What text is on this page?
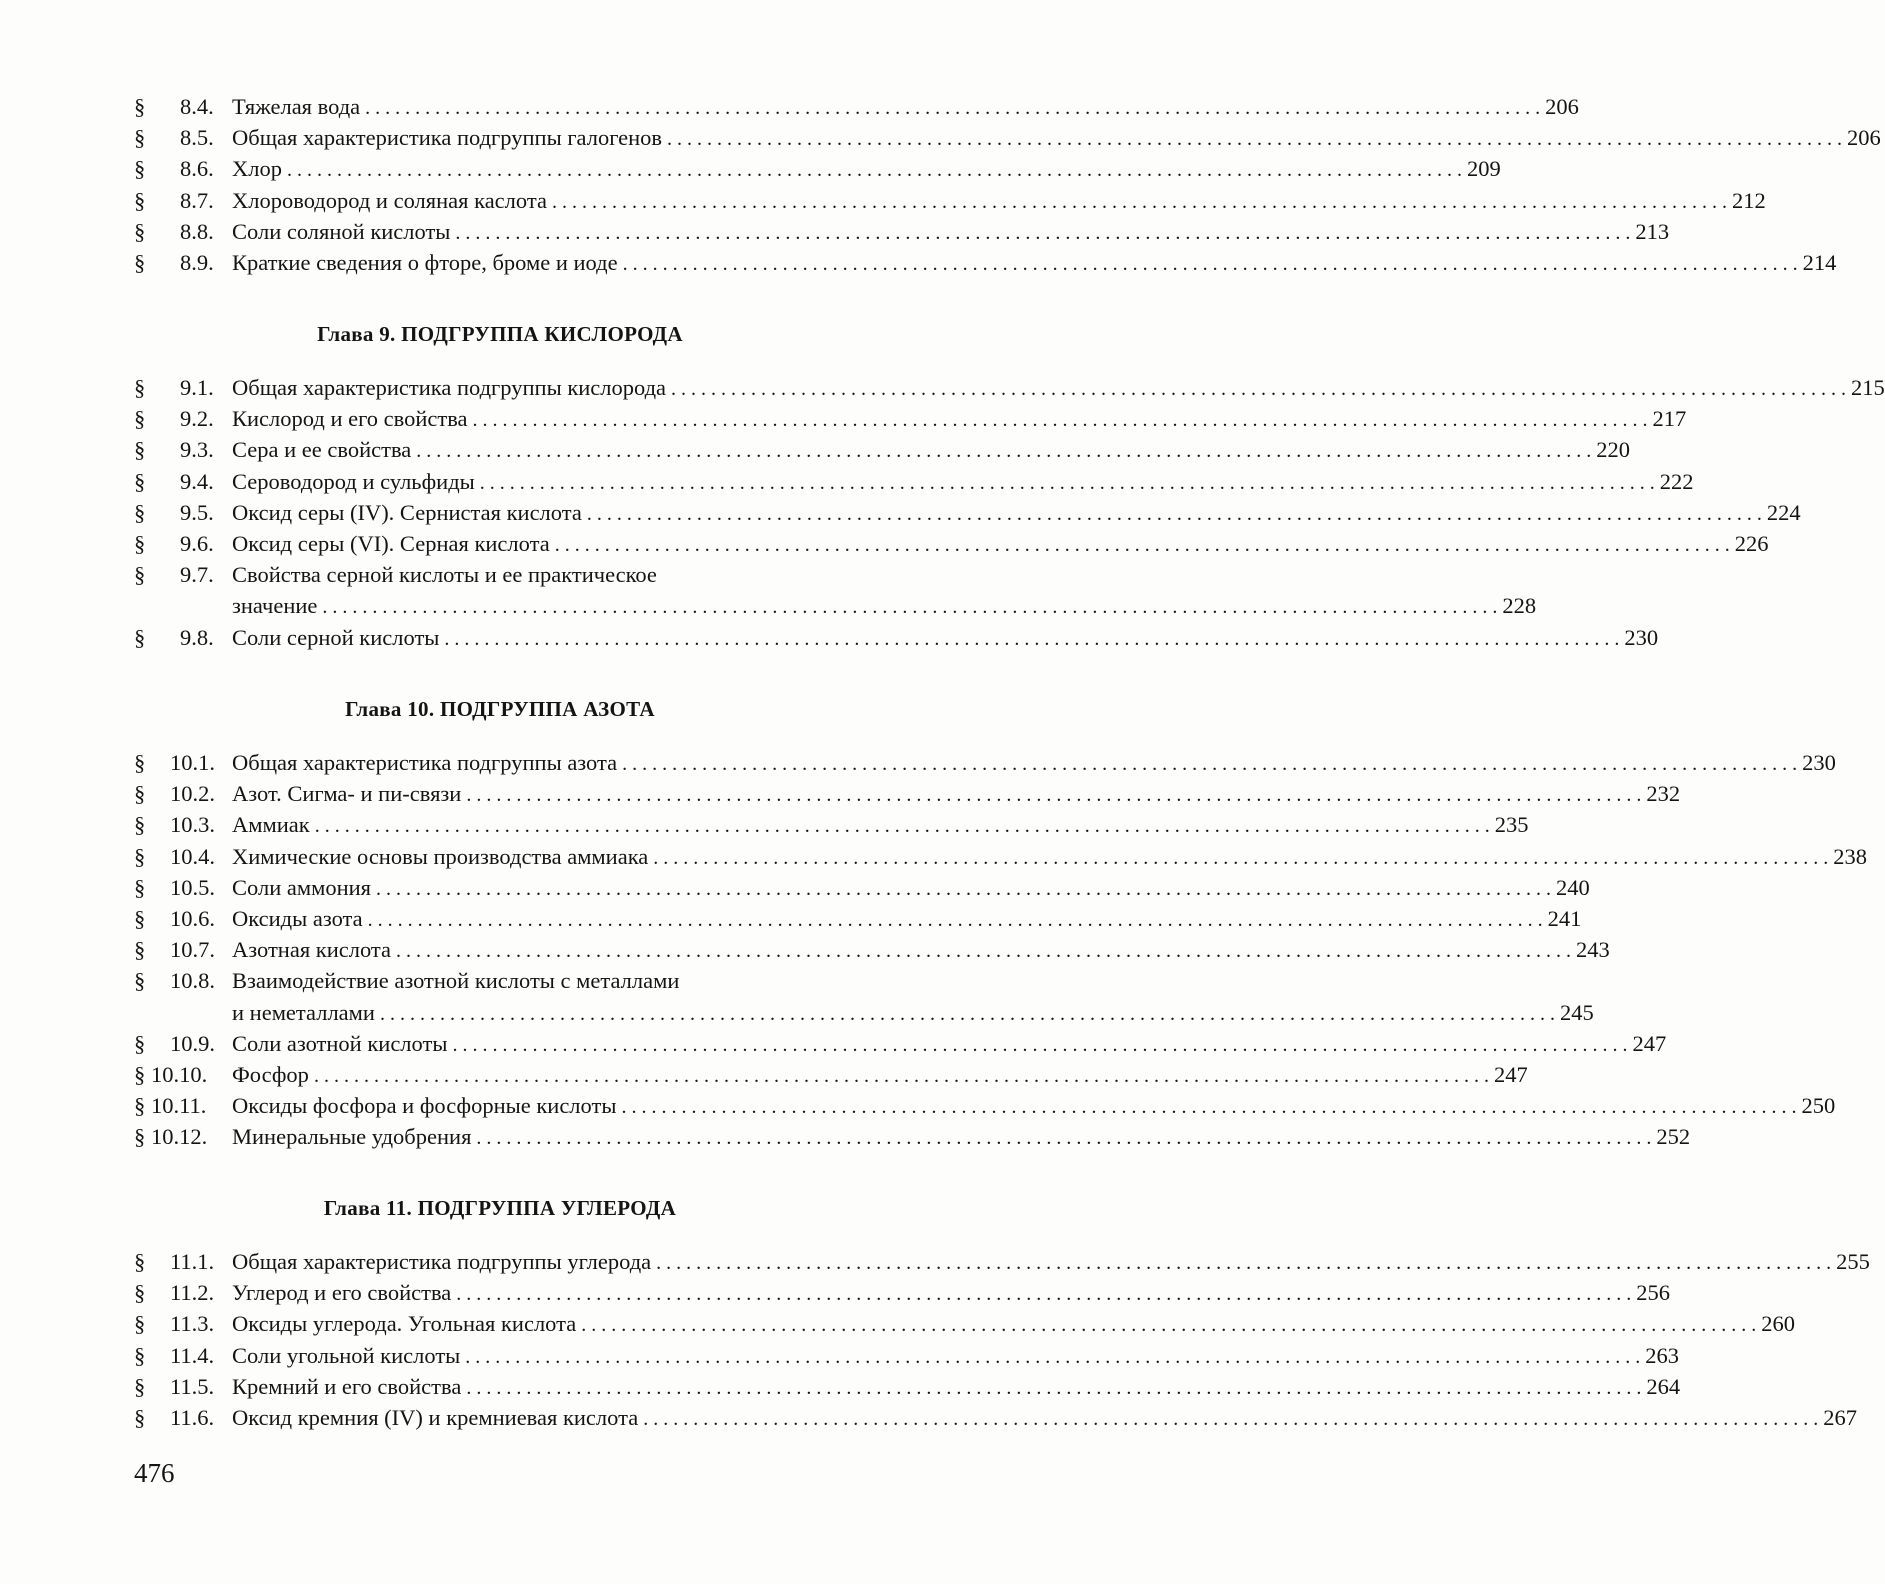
§ 8.4. Тяжелая вода . . .	206
§ 8.5. Общая характеристика подгруппы галогенов . . .	206
§ 8.6. Хлор . . .	209
§ 8.7. Хлороводород и соляная каслота . . .	212
§ 8.8. Соли соляной кислоты . . .	213
§ 8.9. Краткие сведения о фторе, броме и иоде . . .	214
Глава 9. ПОДГРУППА КИСЛОРОДА
§ 9.1. Общая характеристика подгруппы кислорода . . .	215
§ 9.2. Кислород и его свойства . . .	217
§ 9.3. Сера и ее свойства . . .	220
§ 9.4. Сероводород и сульфиды . . .	222
§ 9.5. Оксид серы (IV). Сернистая кислота . . .	224
§ 9.6. Оксид серы (VI). Серная кислота . . .	226
§ 9.7. Свойства серной кислоты и ее практическое
значение . . .	228
§ 9.8. Соли серной кислоты . . .	230
Глава 10. ПОДГРУППА АЗОТА
§ 10.1. Общая характеристика подгруппы азота . . .	230
§ 10.2. Азот. Сигма- и пи-связи . . .	232
§ 10.3. Аммиак . . .	235
§ 10.4. Химические основы производства аммиака . . .	238
§ 10.5. Соли аммония . . .	240
§ 10.6. Оксиды азота . . .	241
§ 10.7. Азотная кислота . . .	243
§ 10.8. Взаимодействие азотной кислоты с металлами
и неметаллами . . .	245
§ 10.9. Соли азотной кислоты . . .	247
§ 10.10. Фосфор . . .	247
§ 10.11. Оксиды фосфора и фосфорные кислоты . . .	250
§ 10.12. Минеральные удобрения . . .	252
Глава 11. ПОДГРУППА УГЛЕРОДА
§ 11.1. Общая характеристика подгруппы углерода . . .	255
§ 11.2. Углерод и его свойства . . .	256
§ 11.3. Оксиды углерода. Угольная кислота . . .	260
§ 11.4. Соли угольной кислоты . . .	263
§ 11.5. Кремний и его свойства . . .	264
§ 11.6. Оксид кремния (IV) и кремниевая кислота . . .	267
476
